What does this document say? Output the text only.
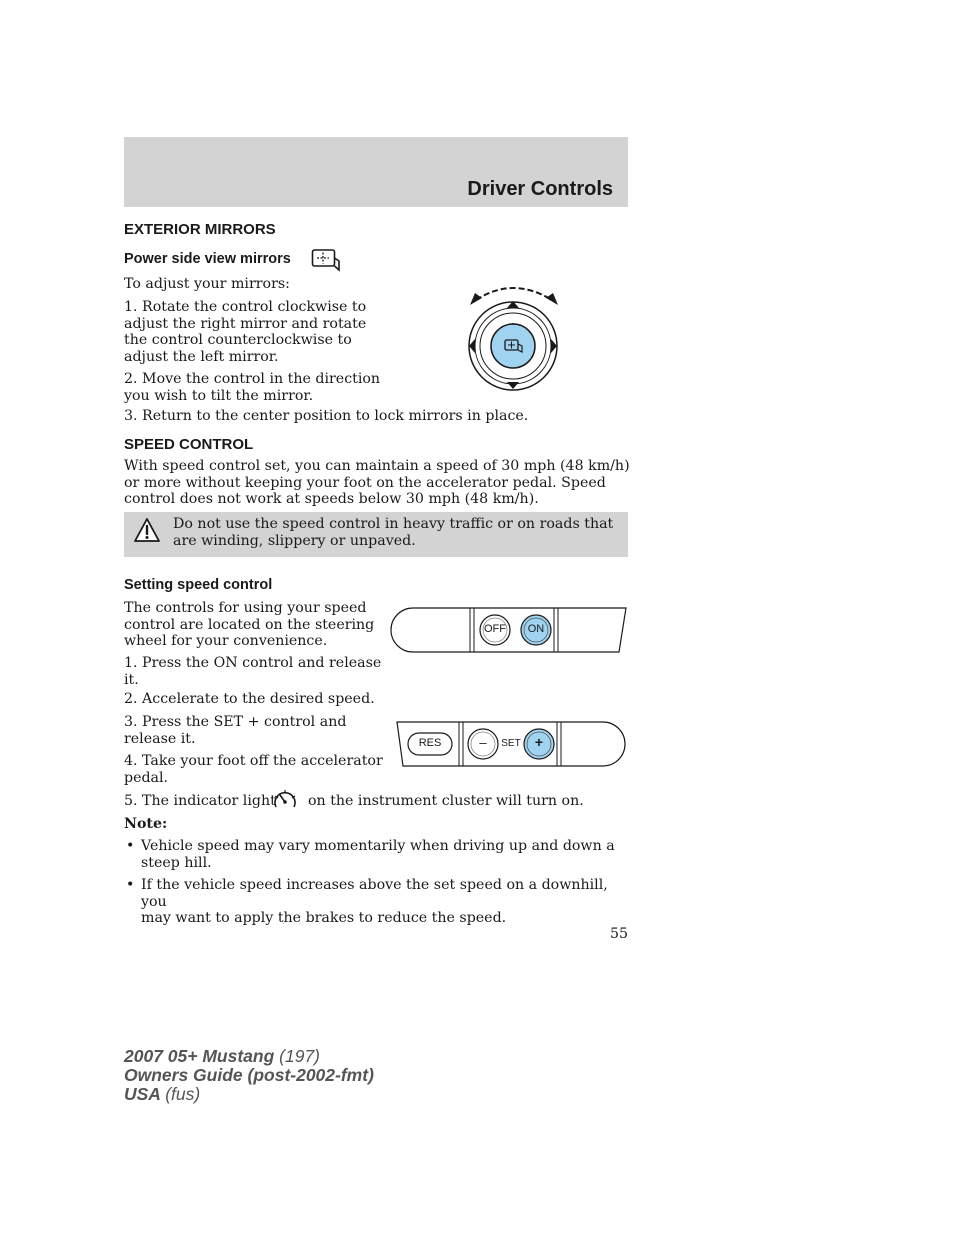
Driver Controls
EXTERIOR MIRRORS
Power side view mirrors
To adjust your mirrors:
1. Rotate the control clockwise to
adjust the right mirror and rotate
the control counterclockwise to
adjust the left mirror.
2. Move the control in the direction
you wish to tilt the mirror.
3. Return to the center position to lock mirrors in place.
SPEED CONTROL
With speed control set, you can maintain a speed of 30 mph (48 km/h)
or more without keeping your foot on the accelerator pedal. Speed
control does not work at speeds below 30 mph (48 km/h).
Do not use the speed control in heavy traffic or on roads that
are winding, slippery or unpaved.
Setting speed control
The controls for using your speed
control are located on the steering
wheel for your convenience.
1. Press the ON control and release
it.
2. Accelerate to the desired speed.
3. Press the SET + control and
release it.
4. Take your foot off the accelerator
pedal.
5. The indicator light on the instrument cluster will turn on.
Note:
• Vehicle speed may vary momentarily when driving up and down a
steep hill.
• If the vehicle speed increases above the set speed on a downhill, you
may want to apply the brakes to reduce the speed.
OFF	ON
RES	–	SET	+
55
2007 05+ Mustang (197)
Owners Guide (post-2002-fmt)
USA (fus)
